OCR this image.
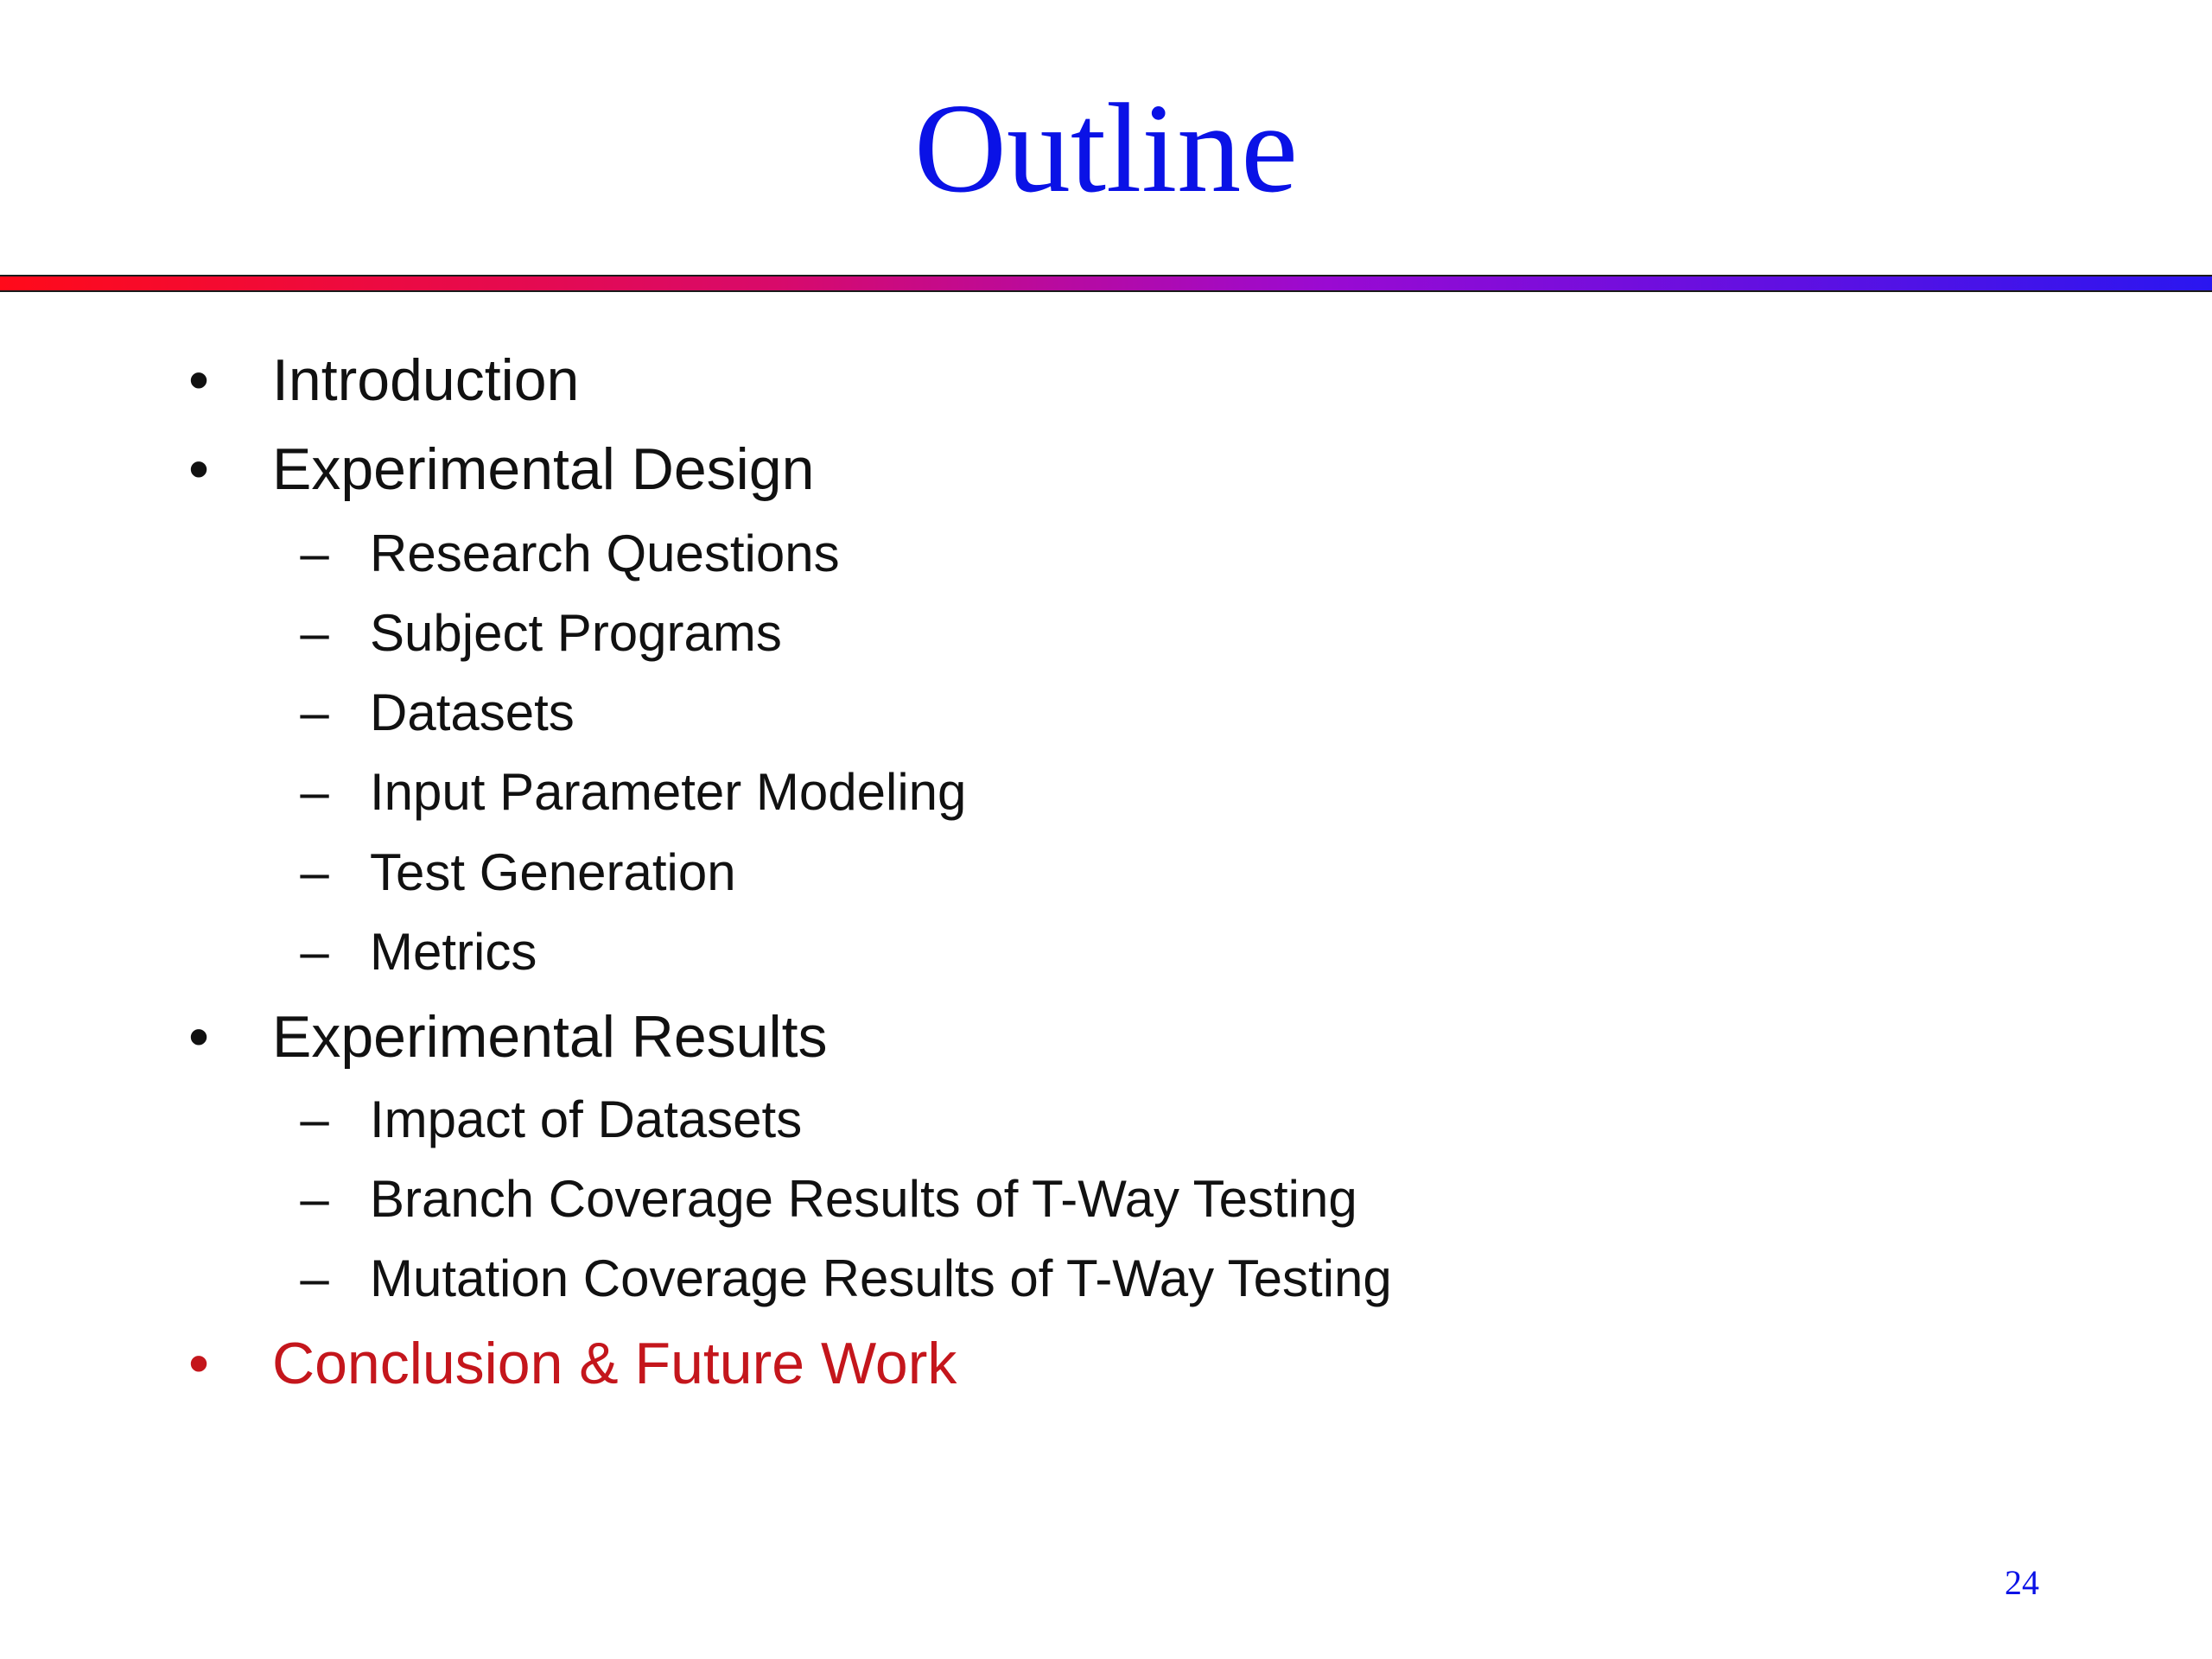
Outline
• Introduction
• Experimental Design
– Research Questions
– Subject Programs
– Datasets
– Input Parameter Modeling
– Test Generation
– Metrics
• Experimental Results
– Impact of Datasets
– Branch Coverage Results of T-Way Testing
– Mutation Coverage Results of T-Way Testing
• Conclusion & Future Work
24
